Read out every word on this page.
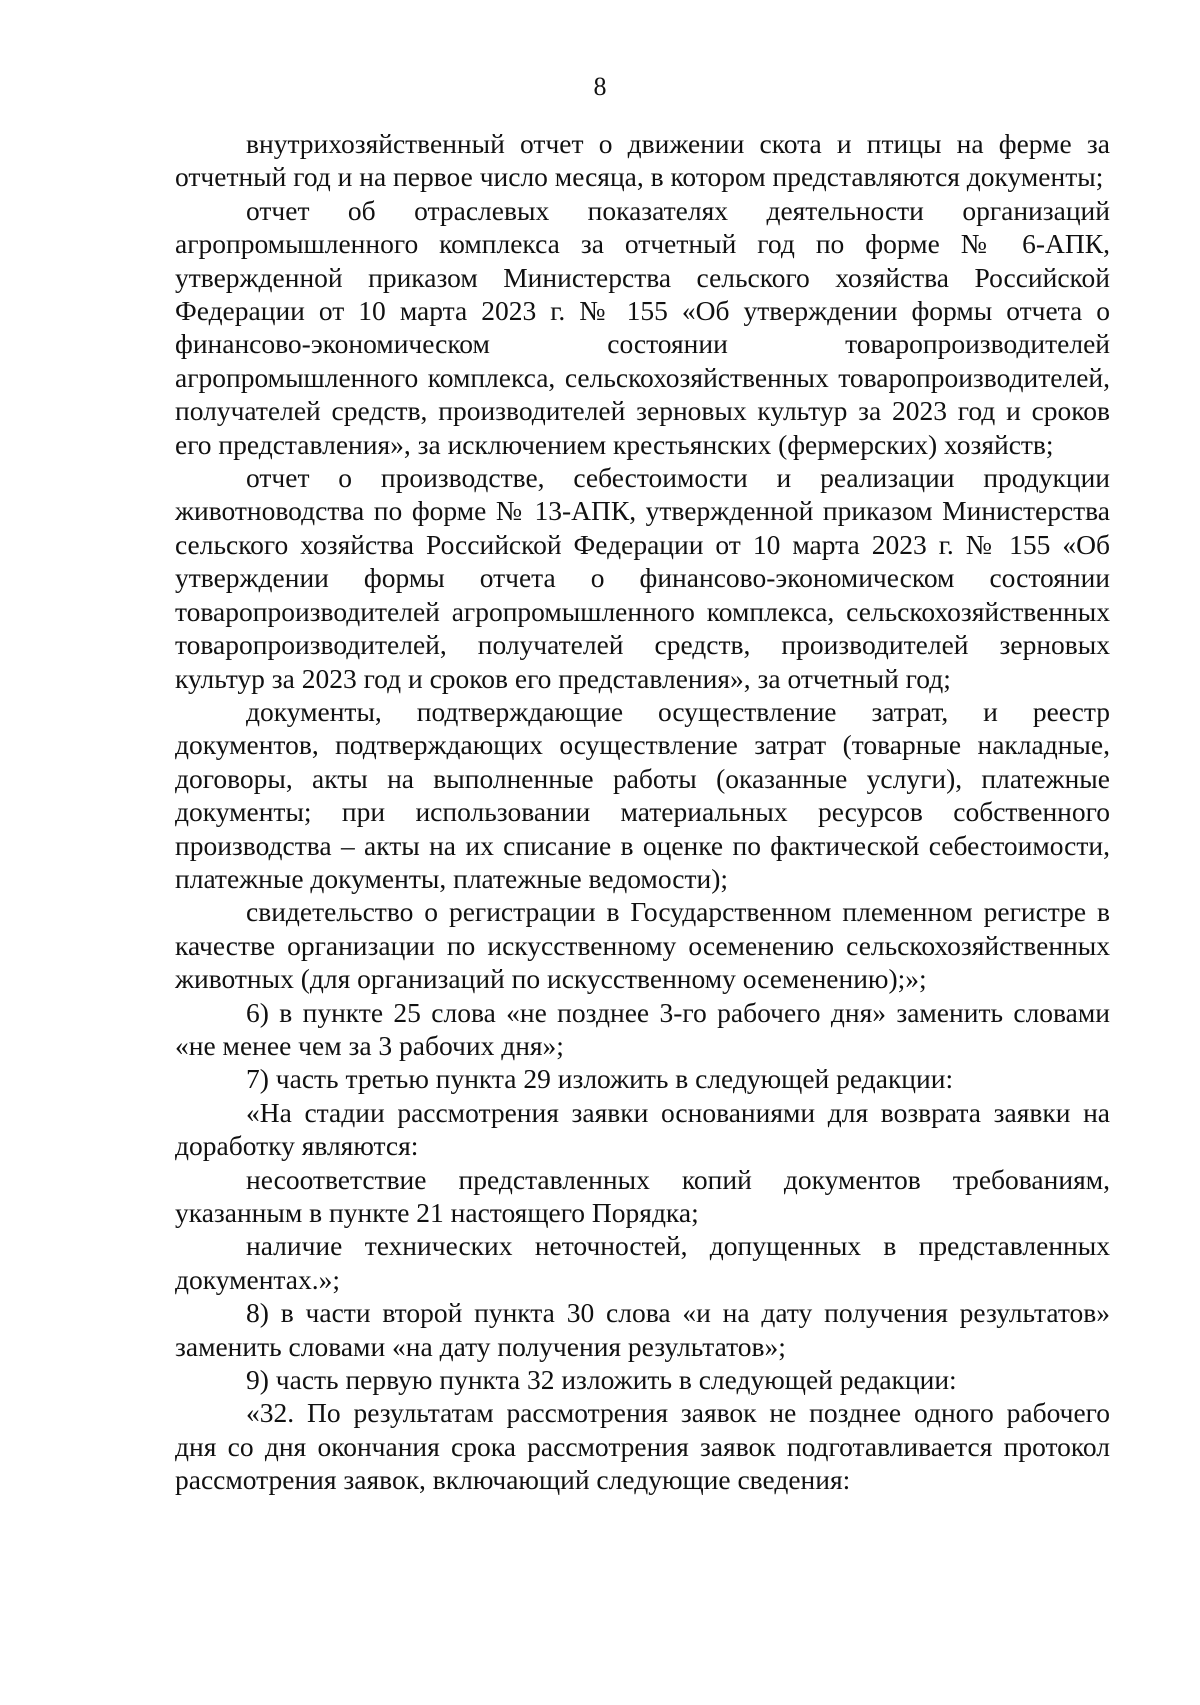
8

внутрихозяйственный отчет о движении скота и птицы на ферме за отчетный год и на первое число месяца, в котором представляются документы;

отчет об отраслевых показателях деятельности организаций агропромышленного комплекса за отчетный год по форме № 6-АПК, утвержденной приказом Министерства сельского хозяйства Российской Федерации от 10 марта 2023 г. № 155 «Об утверждении формы отчета о финансово-экономическом состоянии товаропроизводителей агропромышленного комплекса, сельскохозяйственных товаропроизводителей, получателей средств, производителей зерновых культур за 2023 год и сроков его представления», за исключением крестьянских (фермерских) хозяйств;

отчет о производстве, себестоимости и реализации продукции животноводства по форме № 13-АПК, утвержденной приказом Министерства сельского хозяйства Российской Федерации от 10 марта 2023 г. № 155 «Об утверждении формы отчета о финансово-экономическом состоянии товаропроизводителей агропромышленного комплекса, сельскохозяйственных товаропроизводителей, получателей средств, производителей зерновых культур за 2023 год и сроков его представления», за отчетный год;

документы, подтверждающие осуществление затрат, и реестр документов, подтверждающих осуществление затрат (товарные накладные, договоры, акты на выполненные работы (оказанные услуги), платежные документы; при использовании материальных ресурсов собственного производства – акты на их списание в оценке по фактической себестоимости, платежные документы, платежные ведомости);

свидетельство о регистрации в Государственном племенном регистре в качестве организации по искусственному осеменению сельскохозяйственных животных (для организаций по искусственному осеменению);»;

6) в пункте 25 слова «не позднее 3-го рабочего дня» заменить словами «не менее чем за 3 рабочих дня»;

7) часть третью пункта 29 изложить в следующей редакции:

«На стадии рассмотрения заявки основаниями для возврата заявки на доработку являются:

несоответствие представленных копий документов требованиям, указанным в пункте 21 настоящего Порядка;

наличие технических неточностей, допущенных в представленных документах.»;

8) в части второй пункта 30 слова «и на дату получения результатов» заменить словами «на дату получения результатов»;

9) часть первую пункта 32 изложить в следующей редакции:

«32. По результатам рассмотрения заявок не позднее одного рабочего дня со дня окончания срока рассмотрения заявок подготавливается протокол рассмотрения заявок, включающий следующие сведения:
